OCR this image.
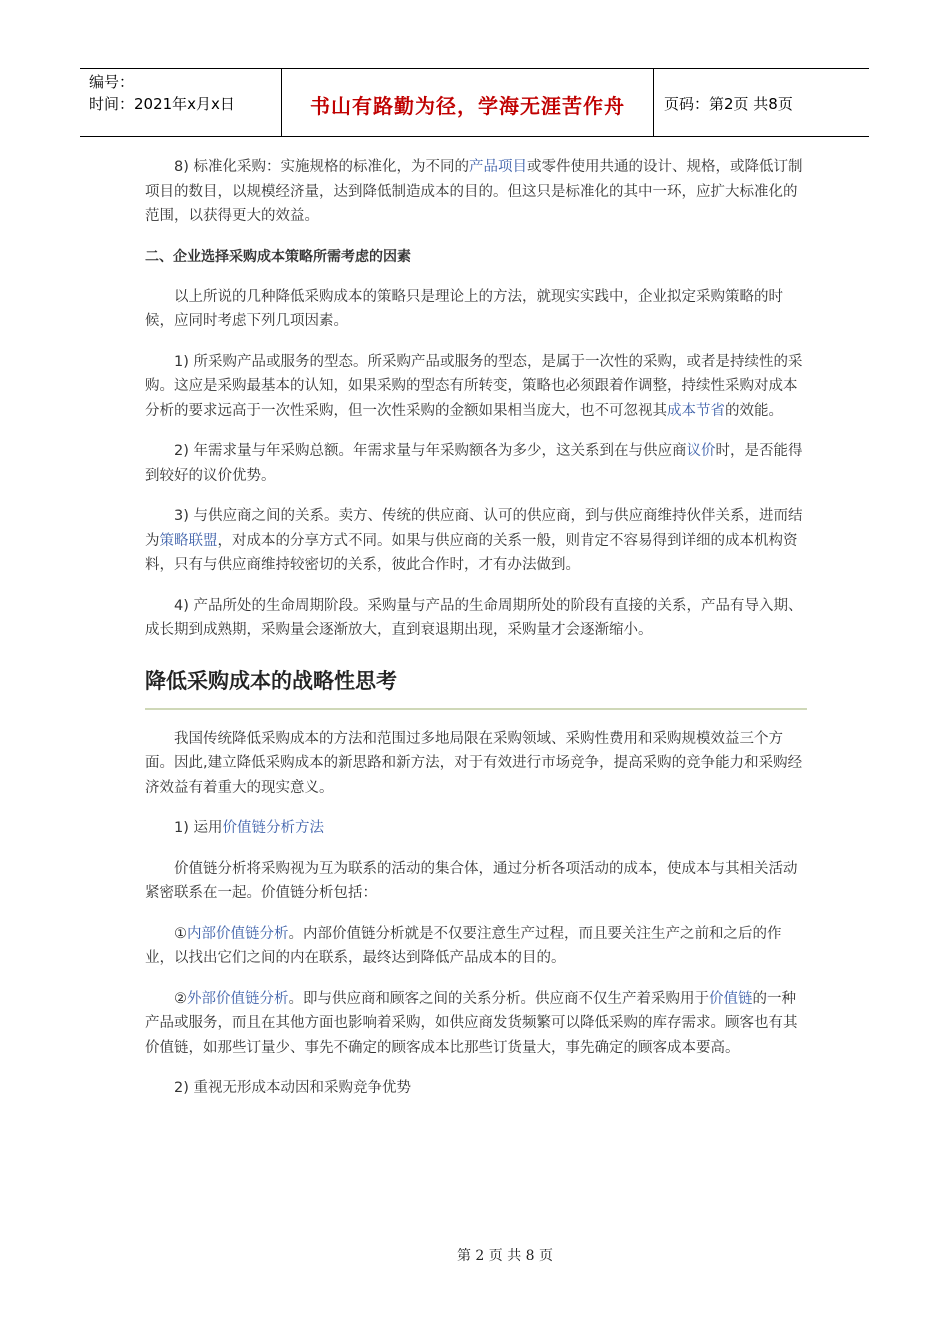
编号：
时间：2021年x月x日	书山有路勤为径，学海无涯苦作舟	页码：第2页 共8页

8) 标准化采购：实施规格的标准化，为不同的产品项目或零件使用共通的设计、规格，或降低订制项目的数目，以规模经济量，达到降低制造成本的目的。但这只是标准化的其中一环，应扩大标准化的范围，以获得更大的效益。

二、企业选择采购成本策略所需考虑的因素

以上所说的几种降低采购成本的策略只是理论上的方法，就现实实践中，企业拟定采购策略的时候，应同时考虑下列几项因素。

1) 所采购产品或服务的型态。所采购产品或服务的型态，是属于一次性的采购，或者是持续性的采购。这应是采购最基本的认知，如果采购的型态有所转变，策略也必须跟着作调整，持续性采购对成本分析的要求远高于一次性采购，但一次性采购的金额如果相当庞大，也不可忽视其成本节省的效能。

2) 年需求量与年采购总额。年需求量与年采购额各为多少，这关系到在与供应商议价时，是否能得到较好的议价优势。

3) 与供应商之间的关系。卖方、传统的供应商、认可的供应商，到与供应商维持伙伴关系，进而结为策略联盟，对成本的分享方式不同。如果与供应商的关系一般，则肯定不容易得到详细的成本机构资料，只有与供应商维持较密切的关系，彼此合作时，才有办法做到。

4) 产品所处的生命周期阶段。采购量与产品的生命周期所处的阶段有直接的关系，产品有导入期、成长期到成熟期，采购量会逐渐放大，直到衰退期出现，采购量才会逐渐缩小。

降低采购成本的战略性思考

我国传统降低采购成本的方法和范围过多地局限在采购领域、采购性费用和采购规模效益三个方面。因此,建立降低采购成本的新思路和新方法，对于有效进行市场竞争，提高采购的竞争能力和采购经济效益有着重大的现实意义。

1) 运用价值链分析方法

价值链分析将采购视为互为联系的活动的集合体，通过分析各项活动的成本，使成本与其相关活动紧密联系在一起。价值链分析包括：

①内部价值链分析。内部价值链分析就是不仅要注意生产过程，而且要关注生产之前和之后的作业，以找出它们之间的内在联系，最终达到降低产品成本的目的。

②外部价值链分析。即与供应商和顾客之间的关系分析。供应商不仅生产着采购用于价值链的一种产品或服务，而且在其他方面也影响着采购，如供应商发货频繁可以降低采购的库存需求。顾客也有其价值链，如那些订量少、事先不确定的顾客成本比那些订货量大，事先确定的顾客成本要高。

2) 重视无形成本动因和采购竞争优势

第 2 页 共 8 页
